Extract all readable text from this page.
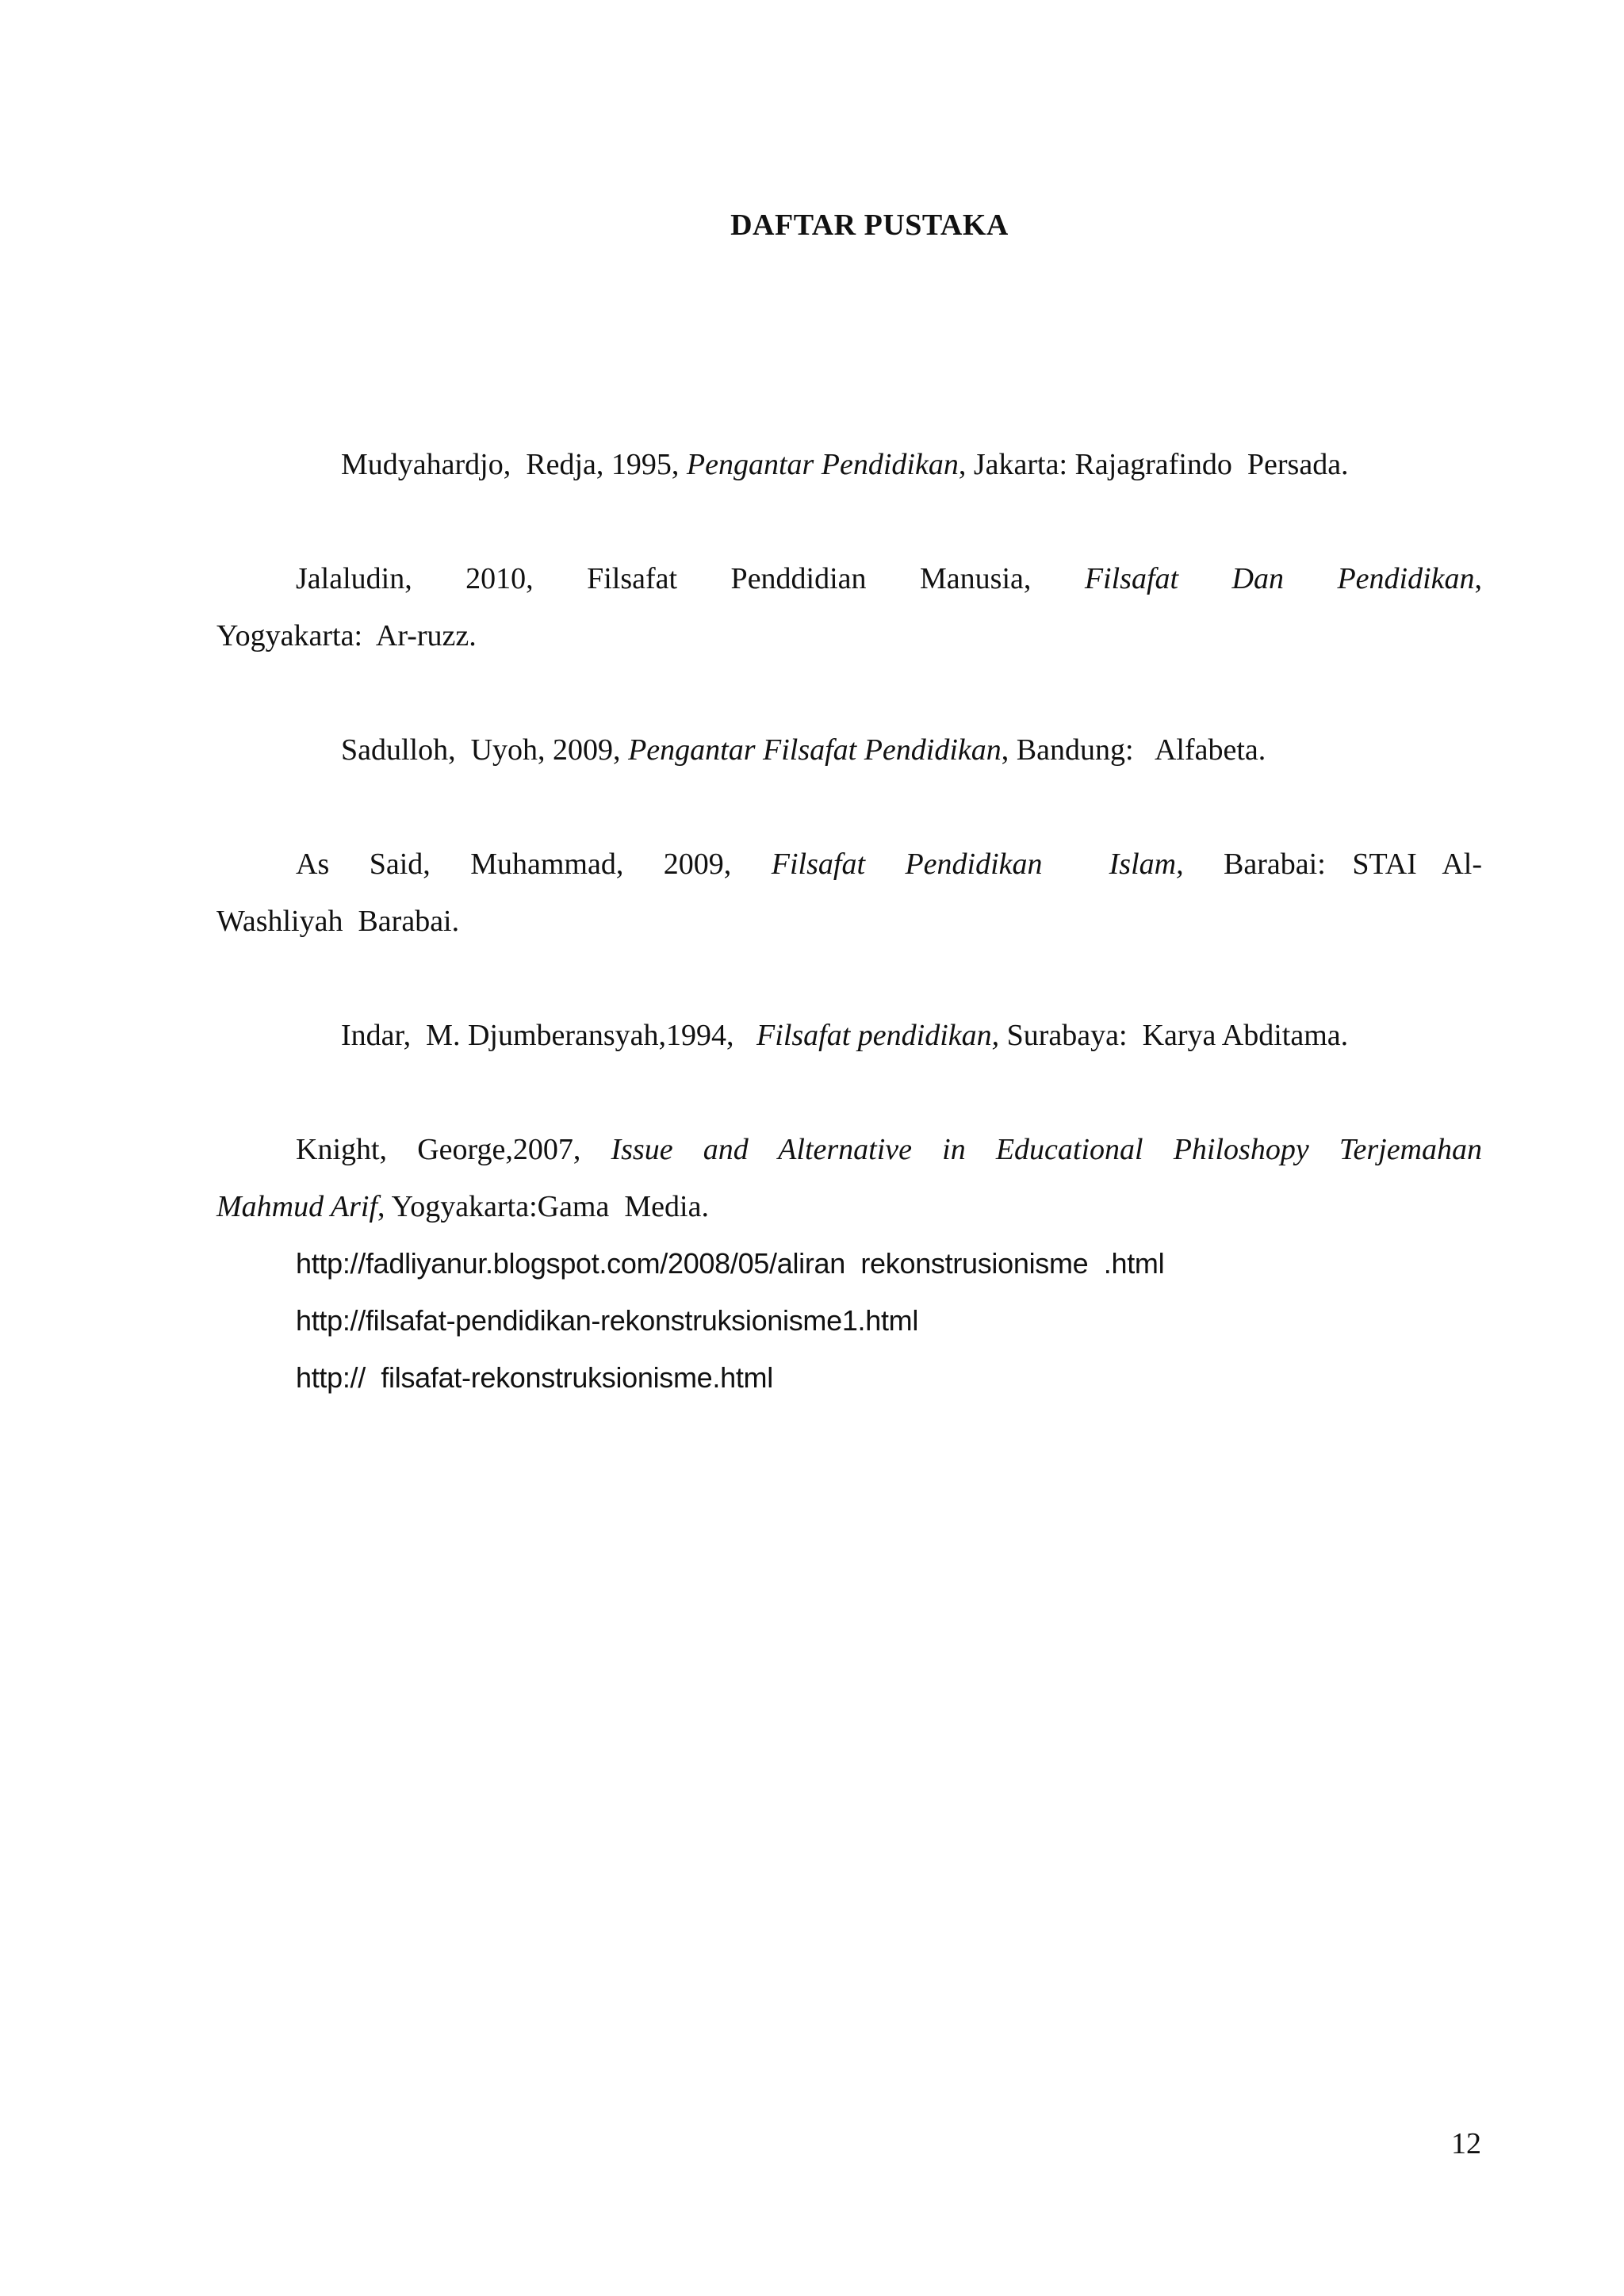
DAFTAR PUSTAKA

Mudyahardjo,  Redja, 1995, Pengantar Pendidikan, Jakarta: Rajagrafindo  Persada.

Jalaludin,   2010,   Filsafat   Penddidian   Manusia,   Filsafat   Dan   Pendidikan,
Yogyakarta:  Ar-ruzz.

Sadulloh,  Uyoh, 2009, Pengantar Filsafat Pendidikan, Bandung:   Alfabeta.

As   Said,   Muhammad,   2009,   Filsafat   Pendidikan     Islam,   Barabai:  STAI  Al-
Washliyah  Barabai.

Indar,  M. Djumberansyah,1994,   Filsafat pendidikan, Surabaya:  Karya Abditama.

Knight, George,2007, Issue and Alternative in Educational Philoshopy Terjemahan
Mahmud Arif, Yogyakarta:Gama  Media.

http://fadliyanur.blogspot.com/2008/05/aliran  rekonstrusionisme  .html

http://filsafat-pendidikan-rekonstruksionisme1.html

http://  filsafat-rekonstruksionisme.html

12
